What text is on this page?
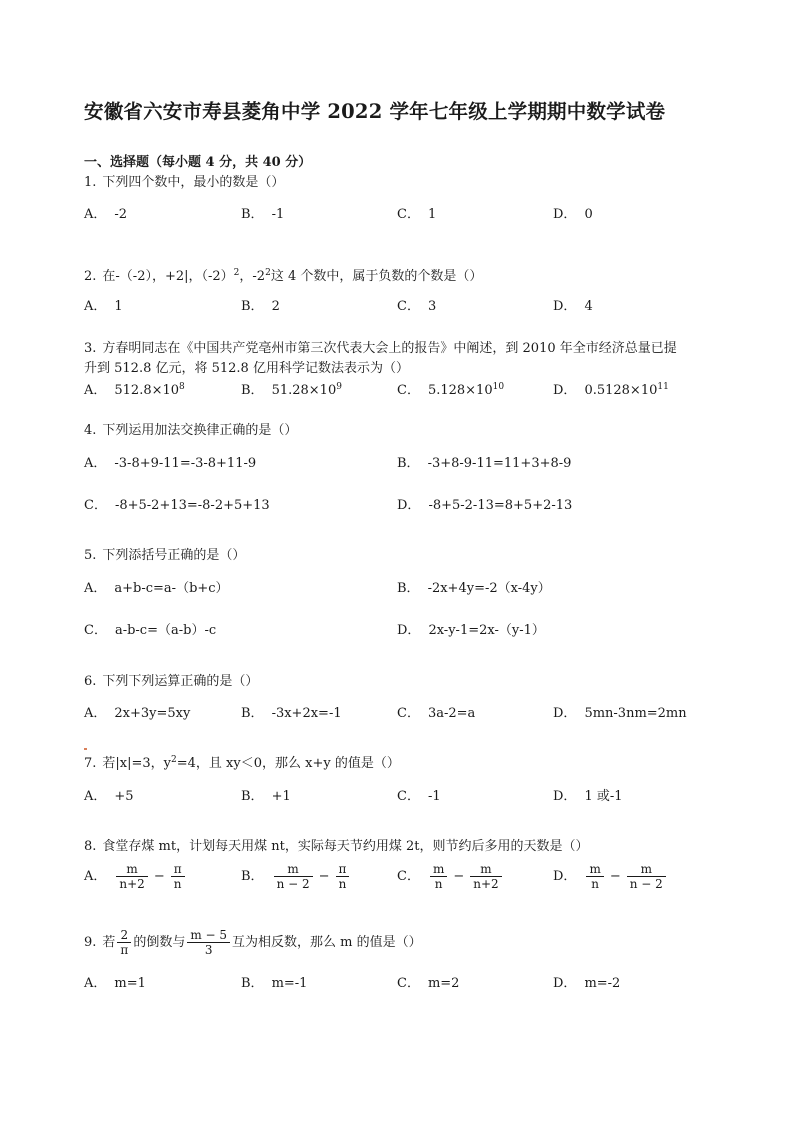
安徽省六安市寿县菱角中学 2022 学年七年级上学期期中数学试卷
一、选择题（每小题 4 分，共 40 分）
1. 下列四个数中，最小的数是（）
A． -2	B． -1	C． 1	D． 0
2. 在-（-2），+2|，$(-2)^2$，$-2^2$这 4 个数中，属于负数的个数是（）
A． 1	B． 2	C． 3	D． 4
3. 方春明同志在《中国共产党亳州市第三次代表大会上的报告》中阐述，到 2010 年全市经济总量已提
升到 512.8 亿元，将 512.8 亿用科学记数法表示为（）
A． $512.8\times 10^8$	B． $51.28\times 10^9$	C． $5.128\times 10^{10}$	D． $0.5128\times 10^{11}$
4. 下列运用加法交换律正确的是（）
A． -3-8+9-11=-3-8+11-9	B． -3+8-9-11=11+3+8-9
C． -8+5-2+13=-8-2+5+13	D． -8+5-2-13=8+5+2-13
5. 下列添括号正确的是（）
A． a+b-c=a-（b+c）	B． -2x+4y=-2（x-4y）
C． a-b-c=（a-b）-c	D． 2x-y-1=2x-（y-1）
6. 下列下列运算正确的是（）
A． 2x+3y=5xy	B． -3x+2x=-1	C． 3a-2=a	D． 5mn-3nm=2mn
7. 若|x|=3，$y^2=4$，且 xy＜0，那么 x+y 的值是（）
A． +5	B． +1	C． -1	D． 1 或-1
8. 食堂存煤 mt，计划每天用煤 nt，实际每天节约用煤 2t，则节约后多用的天数是（）
A． $\frac{m}{n+2} - \frac{\pi}{n}$	B． $\frac{m}{n - 2} - \frac{\pi}{n}$	C． $\frac{m}{n} - \frac{m}{n+2}$	D． $\frac{m}{n} - \frac{m}{n - 2}$
9. 若 $\frac{2}{\pi}$ 的倒数与 $\frac{m - 5}{3}$ 互为相反数，那么 m 的值是（）
A． m=1	B． m=-1	C． m=2	D． m=-2
